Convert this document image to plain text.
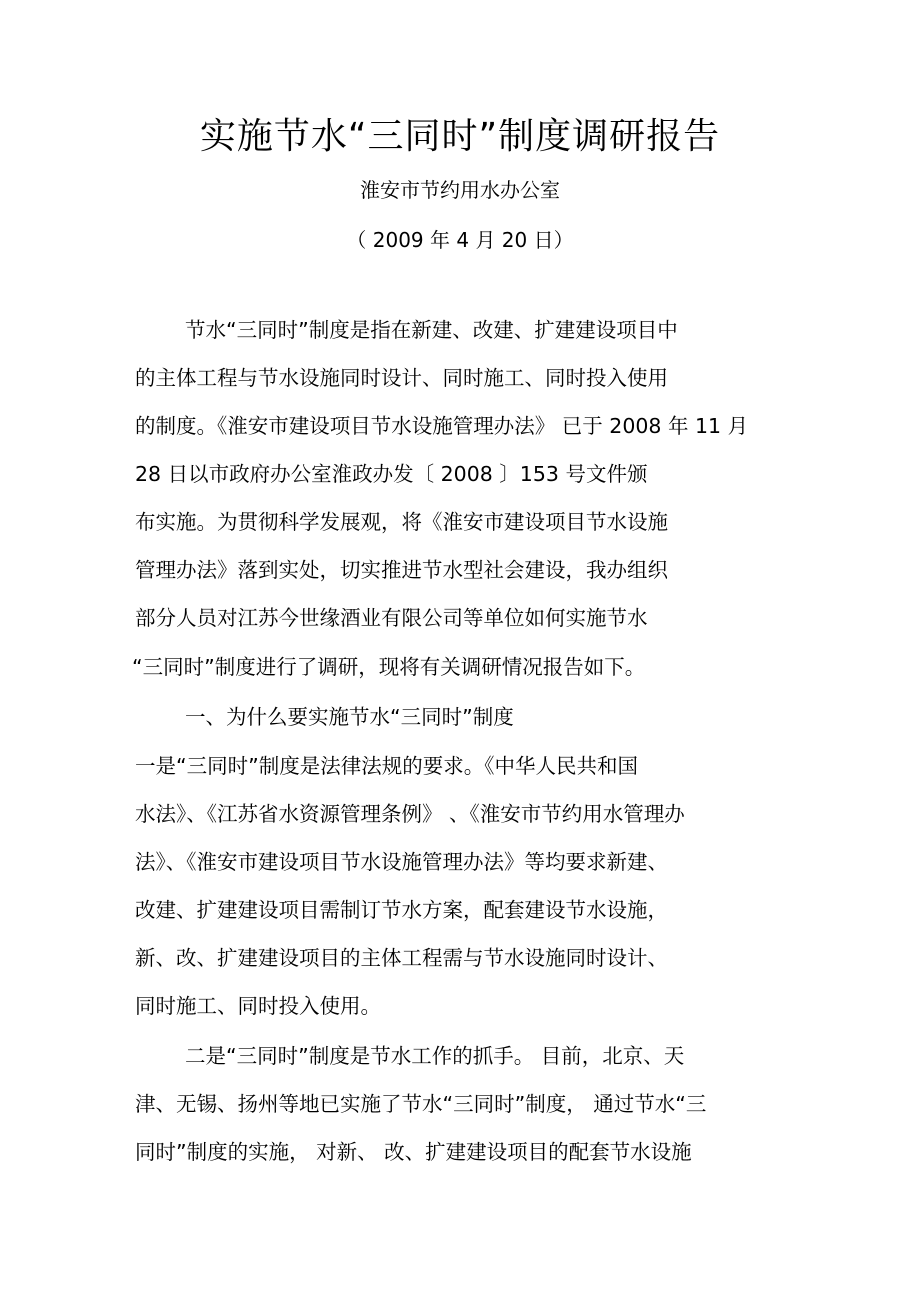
实施节水“三同时”制度调研报告
淮安市节约用水办公室
（ 2009 年 4 月 20 日）
节水“三同时”制度是指在新建、改建、扩建建设项目中
的主体工程与节水设施同时设计、同时施工、同时投入使用
的制度。《淮安市建设项目节水设施管理办法》 已于 2008 年 11 月
28 日以市政府办公室淮政办发〔 2008 〕153 号文件颁
布实施。为贯彻科学发展观，将《淮安市建设项目节水设施
管理办法》落到实处，切实推进节水型社会建设，我办组织
部分人员对江苏今世缘酒业有限公司等单位如何实施节水
“三同时”制度进行了调研，现将有关调研情况报告如下。
一、为什么要实施节水“三同时”制度
一是“三同时”制度是法律法规的要求。《中华人民共和国
水法》、《江苏省水资源管理条例》 、《淮安市节约用水管理办
法》、《淮安市建设项目节水设施管理办法》等均要求新建、
改建、扩建建设项目需制订节水方案，配套建设节水设施，
新、改、扩建建设项目的主体工程需与节水设施同时设计、
同时施工、同时投入使用。
二是“三同时”制度是节水工作的抓手。 目前，北京、天
津、无锡、扬州等地已实施了节水“三同时”制度， 通过节水“三
同时”制度的实施， 对新、 改、扩建建设项目的配套节水设施
